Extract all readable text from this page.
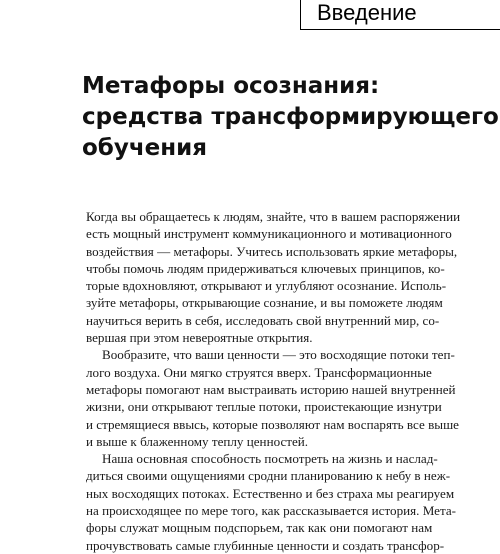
Введение
Метафоры осознания:
средства трансформирующего
обучения
Когда вы обращаетесь к людям, знайте, что в вашем распоряжении
есть мощный инструмент коммуникационного и мотивационного
воздействия — метафоры. Учитесь использовать яркие метафоры,
чтобы помочь людям придерживаться ключевых принципов, ко-
торые вдохновляют, открывают и углубляют осознание. Исполь-
зуйте метафоры, открывающие сознание, и вы поможете людям
научиться верить в себя, исследовать свой внутренний мир, со-
вершая при этом невероятные открытия.
Вообразите, что ваши ценности — это восходящие потоки теп-
лого воздуха. Они мягко струятся вверх. Трансформационные
метафоры помогают нам выстраивать историю нашей внутренней
жизни, они открывают теплые потоки, проистекающие изнутри
и стремящиеся ввысь, которые позволяют нам воспарять все выше
и выше к блаженному теплу ценностей.
Наша основная способность посмотреть на жизнь и наслад-
диться своими ощущениями сродни планированию к небу в неж-
ных восходящих потоках. Естественно и без страха мы реагируем
на происходящее по мере того, как рассказывается история. Мета-
форы служат мощным подспорьем, так как они помогают нам
прочувствовать самые глубинные ценности и создать трансфор-
